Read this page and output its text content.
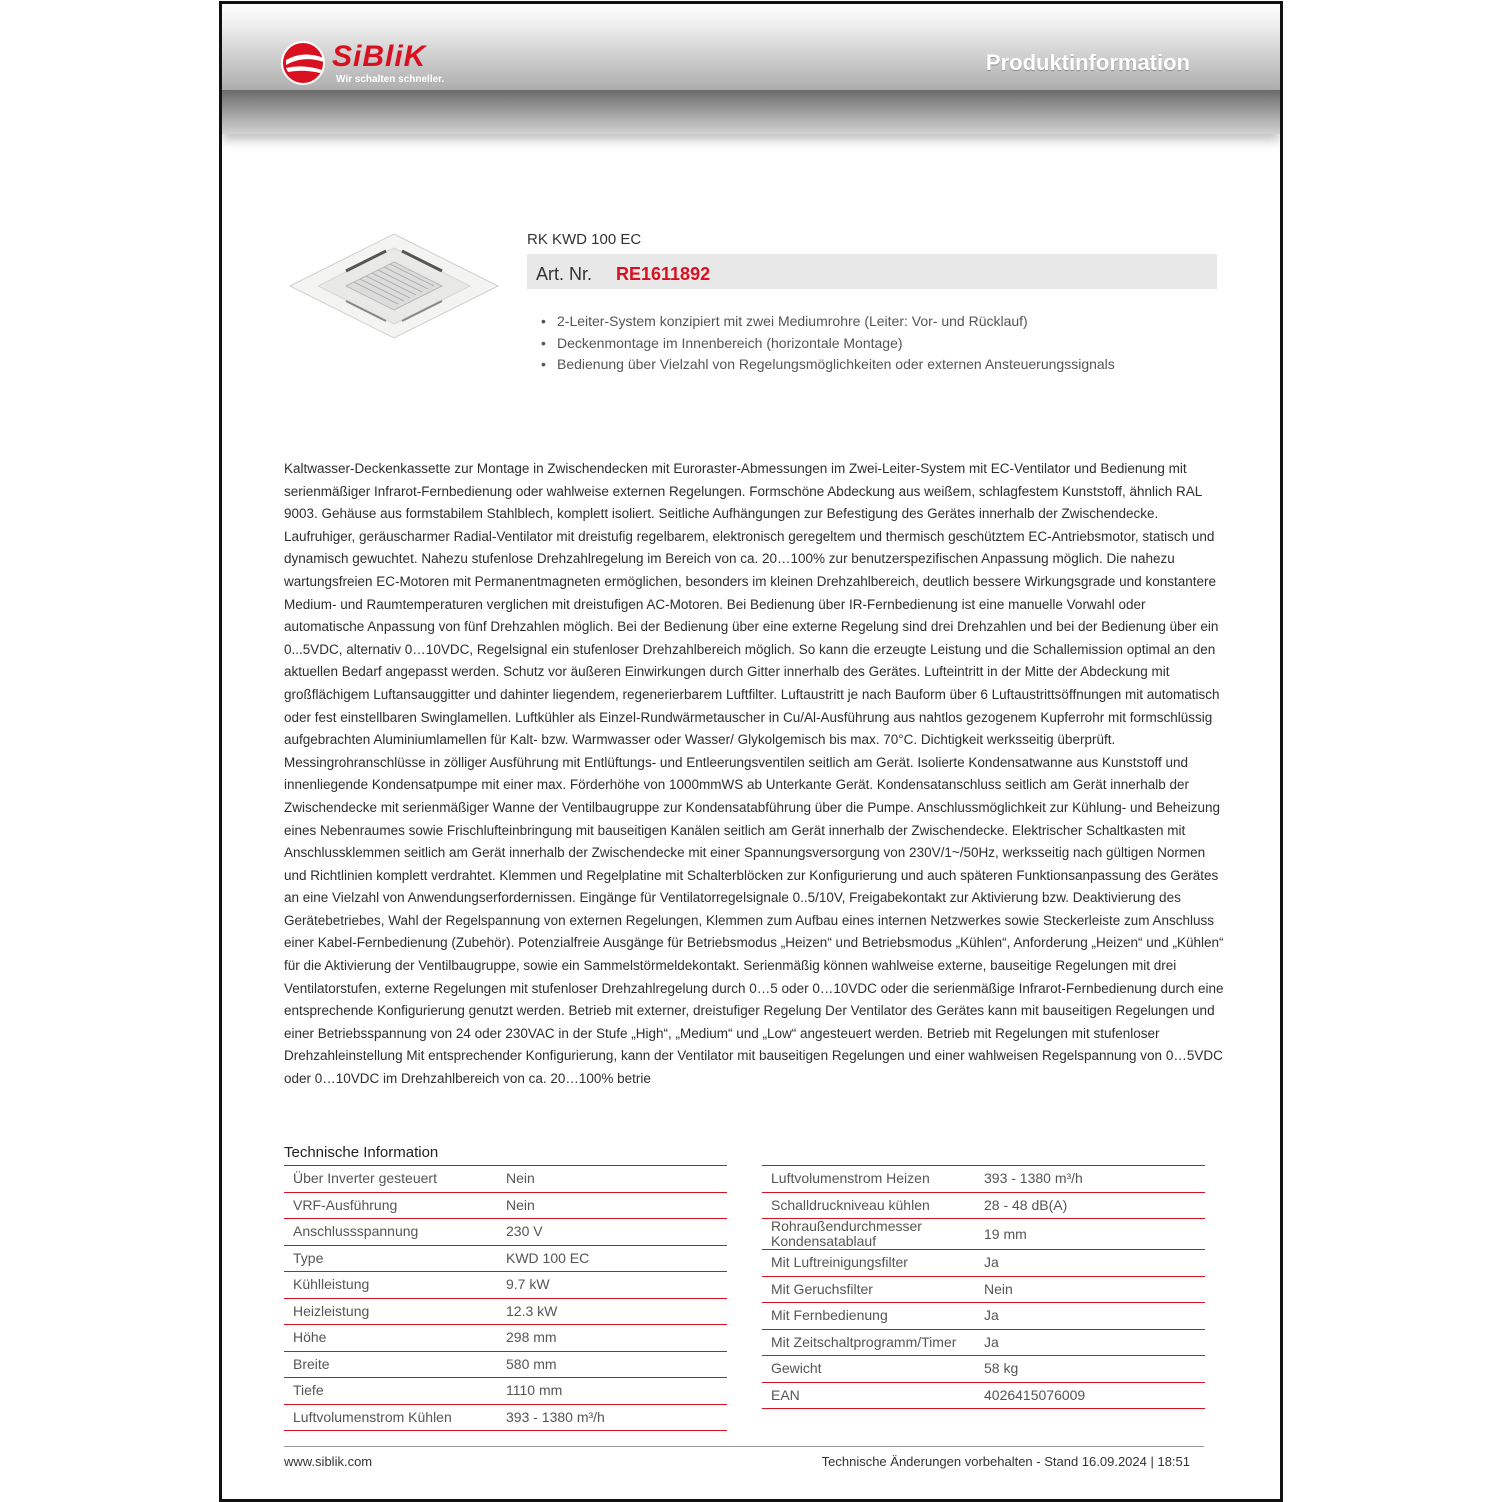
SiBliK
Wir schalten schneller.
Produktinformation
RK KWD 100 EC
Art. Nr. RE1611892
• 2-Leiter-System konzipiert mit zwei Mediumrohre (Leiter: Vor- und Rücklauf)
• Deckenmontage im Innenbereich (horizontale Montage)
• Bedienung über Vielzahl von Regelungsmöglichkeiten oder externen Ansteuerungssignals

Kaltwasser-Deckenkassette zur Montage in Zwischendecken mit Euroraster-Abmessungen im Zwei-Leiter-System mit EC-Ventilator und Bedienung mit serienmäßiger Infrarot-Fernbedienung oder wahlweise externen Regelungen. Formschöne Abdeckung aus weißem, schlagfestem Kunststoff, ähnlich RAL 9003. Gehäuse aus formstabilem Stahlblech, komplett isoliert. Seitliche Aufhängungen zur Befestigung des Gerätes innerhalb der Zwischendecke. Laufruhiger, geräuscharmer Radial-Ventilator mit dreistufig regelbarem, elektronisch geregeltem und thermisch geschütztem EC-Antriebsmotor, statisch und dynamisch gewuchtet. Nahezu stufenlose Drehzahlregelung im Bereich von ca. 20…100% zur benutzerspezifischen Anpassung möglich. Die nahezu wartungsfreien EC-Motoren mit Permanentmagneten ermöglichen, besonders im kleinen Drehzahlbereich, deutlich bessere Wirkungsgrade und konstantere Medium- und Raumtemperaturen verglichen mit dreistufigen AC-Motoren. Bei Bedienung über IR-Fernbedienung ist eine manuelle Vorwahl oder automatische Anpassung von fünf Drehzahlen möglich. Bei der Bedienung über eine externe Regelung sind drei Drehzahlen und bei der Bedienung über ein 0...5VDC, alternativ 0…10VDC, Regelsignal ein stufenloser Drehzahlbereich möglich. So kann die erzeugte Leistung und die Schallemission optimal an den aktuellen Bedarf angepasst werden. Schutz vor äußeren Einwirkungen durch Gitter innerhalb des Gerätes. Lufteintritt in der Mitte der Abdeckung mit großflächigem Luftansauggitter und dahinter liegendem, regenerierbarem Luftfilter. Luftaustritt je nach Bauform über 6 Luftaustrittsöffnungen mit automatisch oder fest einstellbaren Swinglamellen. Luftkühler als Einzel-Rundwärmetauscher in Cu/Al-Ausführung aus nahtlos gezogenem Kupferrohr mit formschlüssig aufgebrachten Aluminiumlamellen für Kalt- bzw. Warmwasser oder Wasser/ Glykolgemisch bis max. 70°C. Dichtigkeit werksseitig überprüft. Messingrohranschlüsse in zölliger Ausführung mit Entlüftungs- und Entleerungsventilen seitlich am Gerät. Isolierte Kondensatwanne aus Kunststoff und innenliegende Kondensatpumpe mit einer max. Förderhöhe von 1000mmWS ab Unterkante Gerät. Kondensatanschluss seitlich am Gerät innerhalb der Zwischendecke mit serienmäßiger Wanne der Ventilbaugruppe zur Kondensatabführung über die Pumpe. Anschlussmöglichkeit zur Kühlung- und Beheizung eines Nebenraumes sowie Frischlufteinbringung mit bauseitigen Kanälen seitlich am Gerät innerhalb der Zwischendecke. Elektrischer Schaltkasten mit Anschlussklemmen seitlich am Gerät innerhalb der Zwischendecke mit einer Spannungsversorgung von 230V/1~/50Hz, werksseitig nach gültigen Normen und Richtlinien komplett verdrahtet. Klemmen und Regelplatine mit Schalterblöcken zur Konfigurierung und auch späteren Funktionsanpassung des Gerätes an eine Vielzahl von Anwendungserfordernissen. Eingänge für Ventilatorregelsignale 0..5/10V, Freigabekontakt zur Aktivierung bzw. Deaktivierung des Gerätebetriebes, Wahl der Regelspannung von externen Regelungen, Klemmen zum Aufbau eines internen Netzwerkes sowie Steckerleiste zum Anschluss einer Kabel-Fernbedienung (Zubehör). Potenzialfreie Ausgänge für Betriebsmodus „Heizen“ und Betriebsmodus „Kühlen“, Anforderung „Heizen“ und „Kühlen“ für die Aktivierung der Ventilbaugruppe, sowie ein Sammelstörmeldekontakt. Serienmäßig können wahlweise externe, bauseitige Regelungen mit drei Ventilatorstufen, externe Regelungen mit stufenloser Drehzahlregelung durch 0…5 oder 0…10VDC oder die serienmäßige Infrarot-Fernbedienung durch eine entsprechende Konfigurierung genutzt werden. Betrieb mit externer, dreistufiger Regelung Der Ventilator des Gerätes kann mit bauseitigen Regelungen und einer Betriebsspannung von 24 oder 230VAC in der Stufe „High“, „Medium“ und „Low“ angesteuert werden. Betrieb mit Regelungen mit stufenloser Drehzahleinstellung Mit entsprechender Konfigurierung, kann der Ventilator mit bauseitigen Regelungen und einer wahlweisen Regelspannung von 0…5VDC oder 0…10VDC im Drehzahlbereich von ca. 20…100% betrie

Technische Information
Über Inverter gesteuert	Nein
VRF-Ausführung	Nein
Anschlussspannung	230 V
Type	KWD 100 EC
Kühlleistung	9.7 kW
Heizleistung	12.3 kW
Höhe	298 mm
Breite	580 mm
Tiefe	1110 mm
Luftvolumenstrom Kühlen	393 - 1380 m³/h
Luftvolumenstrom Heizen	393 - 1380 m³/h
Schalldruckniveau kühlen	28 - 48 dB(A)
Rohraußendurchmesser Kondensatablauf	19 mm
Mit Luftreinigungsfilter	Ja
Mit Geruchsfilter	Nein
Mit Fernbedienung	Ja
Mit Zeitschaltprogramm/Timer	Ja
Gewicht	58 kg
EAN	4026415076009
www.siblik.com	Technische Änderungen vorbehalten - Stand 16.09.2024 | 18:51
